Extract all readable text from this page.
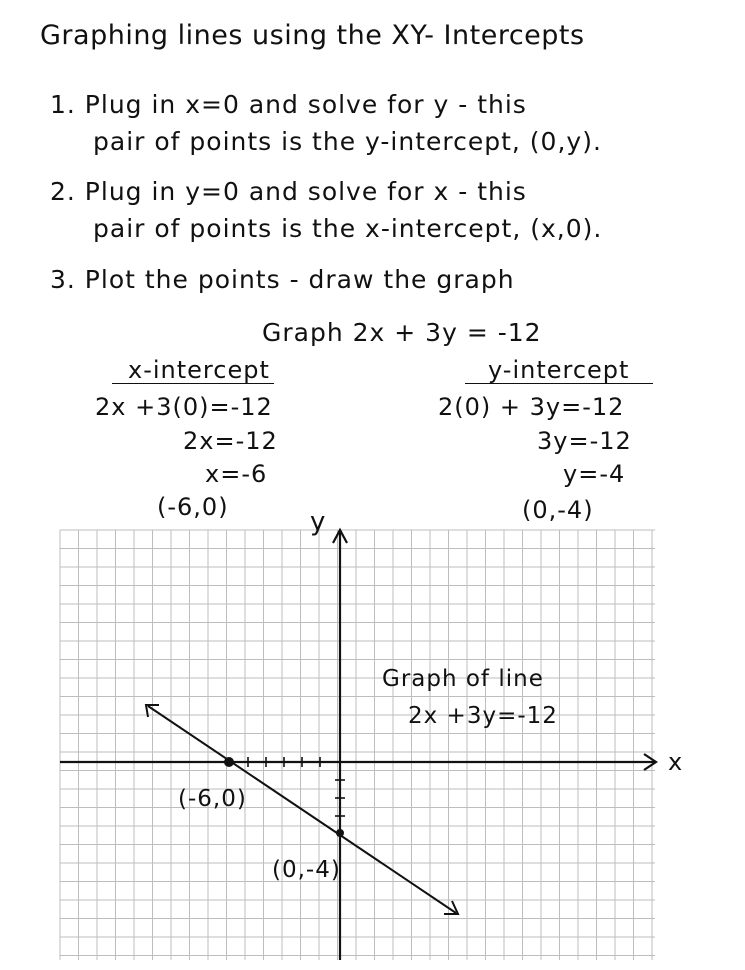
Graphing lines using the XY- Intercepts
1. Plug in x=0 and solve for y - this
pair of points is the y-intercept, (0,y).
2. Plug in y=0 and solve for x - this
pair of points is the x-intercept, (x,0).
3. Plot the points - draw the graph
Graph 2x + 3y = -12
x-intercept
2x +3(0)=-12
2x=-12
x=-6
(-6,0)
y-intercept
2(0) + 3y=-12
3y=-12
y=-4
(0,-4)
y
x
Graph of line
2x +3y=-12
(-6,0)
(0,-4)
